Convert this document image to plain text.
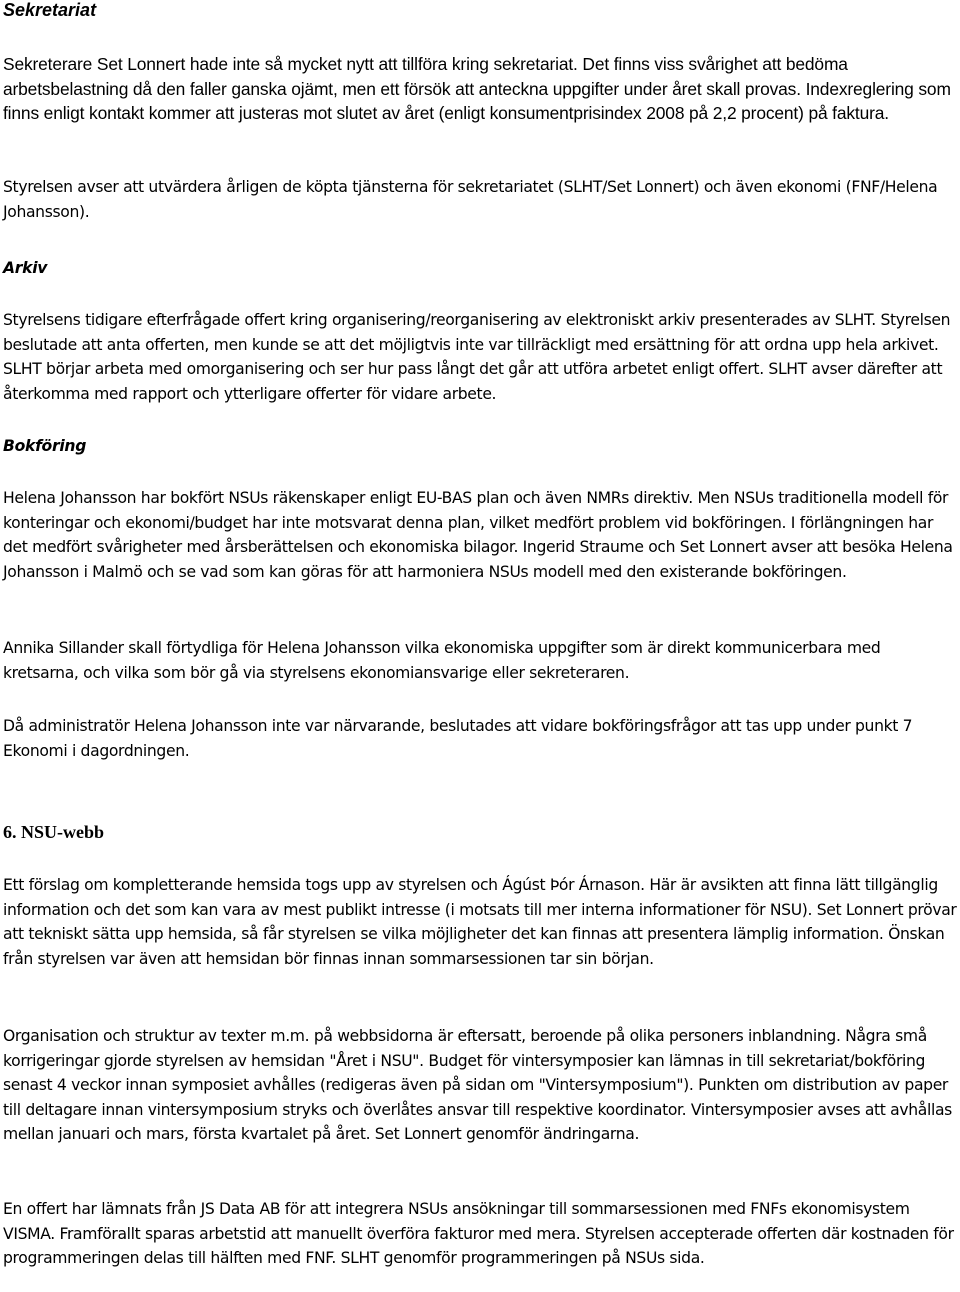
Sekretariat

Sekreterare Set Lonnert hade inte så mycket nytt att tillföra kring sekretariat. Det finns viss svårighet att bedöma arbetsbelastning då den faller ganska ojämt, men ett försök att anteckna uppgifter under året skall provas. Indexreglering som finns enligt kontakt kommer att justeras mot slutet av året (enligt konsumentprisindex 2008 på 2,2 procent) på faktura.

Styrelsen avser att utvärdera årligen de köpta tjänsterna för sekretariatet (SLHT/Set Lonnert) och även ekonomi (FNF/Helena Johansson).

Arkiv

Styrelsens tidigare efterfrågade offert kring organisering/reorganisering av elektroniskt arkiv presenterades av SLHT. Styrelsen beslutade att anta offerten, men kunde se att det möjligtvis inte var tillräckligt med ersättning för att ordna upp hela arkivet. SLHT börjar arbeta med omorganisering och ser hur pass långt det går att utföra arbetet enligt offert. SLHT avser därefter att återkomma med rapport och ytterligare offerter för vidare arbete.

Bokföring

Helena Johansson har bokfört NSUs räkenskaper enligt EU-BAS plan och även NMRs direktiv. Men NSUs traditionella modell för konteringar och ekonomi/budget har inte motsvarat denna plan, vilket medfört problem vid bokföringen. I förlängningen har det medfört svårigheter med årsberättelsen och ekonomiska bilagor. Ingerid Straume och Set Lonnert avser att besöka Helena Johansson i Malmö och se vad som kan göras för att harmoniera NSUs modell med den existerande bokföringen.

Annika Sillander skall förtydliga för Helena Johansson vilka ekonomiska uppgifter som är direkt kommunicerbara med kretsarna, och vilka som bör gå via styrelsens ekonomiansvarige eller sekreteraren.

Då administratör Helena Johansson inte var närvarande, beslutades att vidare bokföringsfrågor att tas upp under punkt 7 Ekonomi i dagordningen.

6. NSU-webb

Ett förslag om kompletterande hemsida togs upp av styrelsen och Ágúst Þór Árnason. Här är avsikten att finna lätt tillgänglig information och det som kan vara av mest publikt intresse (i motsats till mer interna informationer för NSU). Set Lonnert prövar att tekniskt sätta upp hemsida, så får styrelsen se vilka möjligheter det kan finnas att presentera lämplig information. Önskan från styrelsen var även att hemsidan bör finnas innan sommarsessionen tar sin början.

Organisation och struktur av texter m.m. på webbsidorna är eftersatt, beroende på olika personers inblandning. Några små korrigeringar gjorde styrelsen av hemsidan "Året i NSU". Budget för vintersymposier kan lämnas in till sekretariat/bokföring senast 4 veckor innan symposiet avhålles (redigeras även på sidan om "Vintersymposium"). Punkten om distribution av paper till deltagare innan vintersymposium stryks och överlåtes ansvar till respektive koordinator. Vintersymposier avses att avhållas mellan januari och mars, första kvartalet på året. Set Lonnert genomför ändringarna.

En offert har lämnats från JS Data AB för att integrera NSUs ansökningar till sommarsessionen med FNFs ekonomisystem VISMA. Framförallt sparas arbetstid att manuellt överföra fakturor med mera. Styrelsen accepterade offerten där kostnaden för programmeringen delas till hälften med FNF. SLHT genomför programmeringen på NSUs sida.
